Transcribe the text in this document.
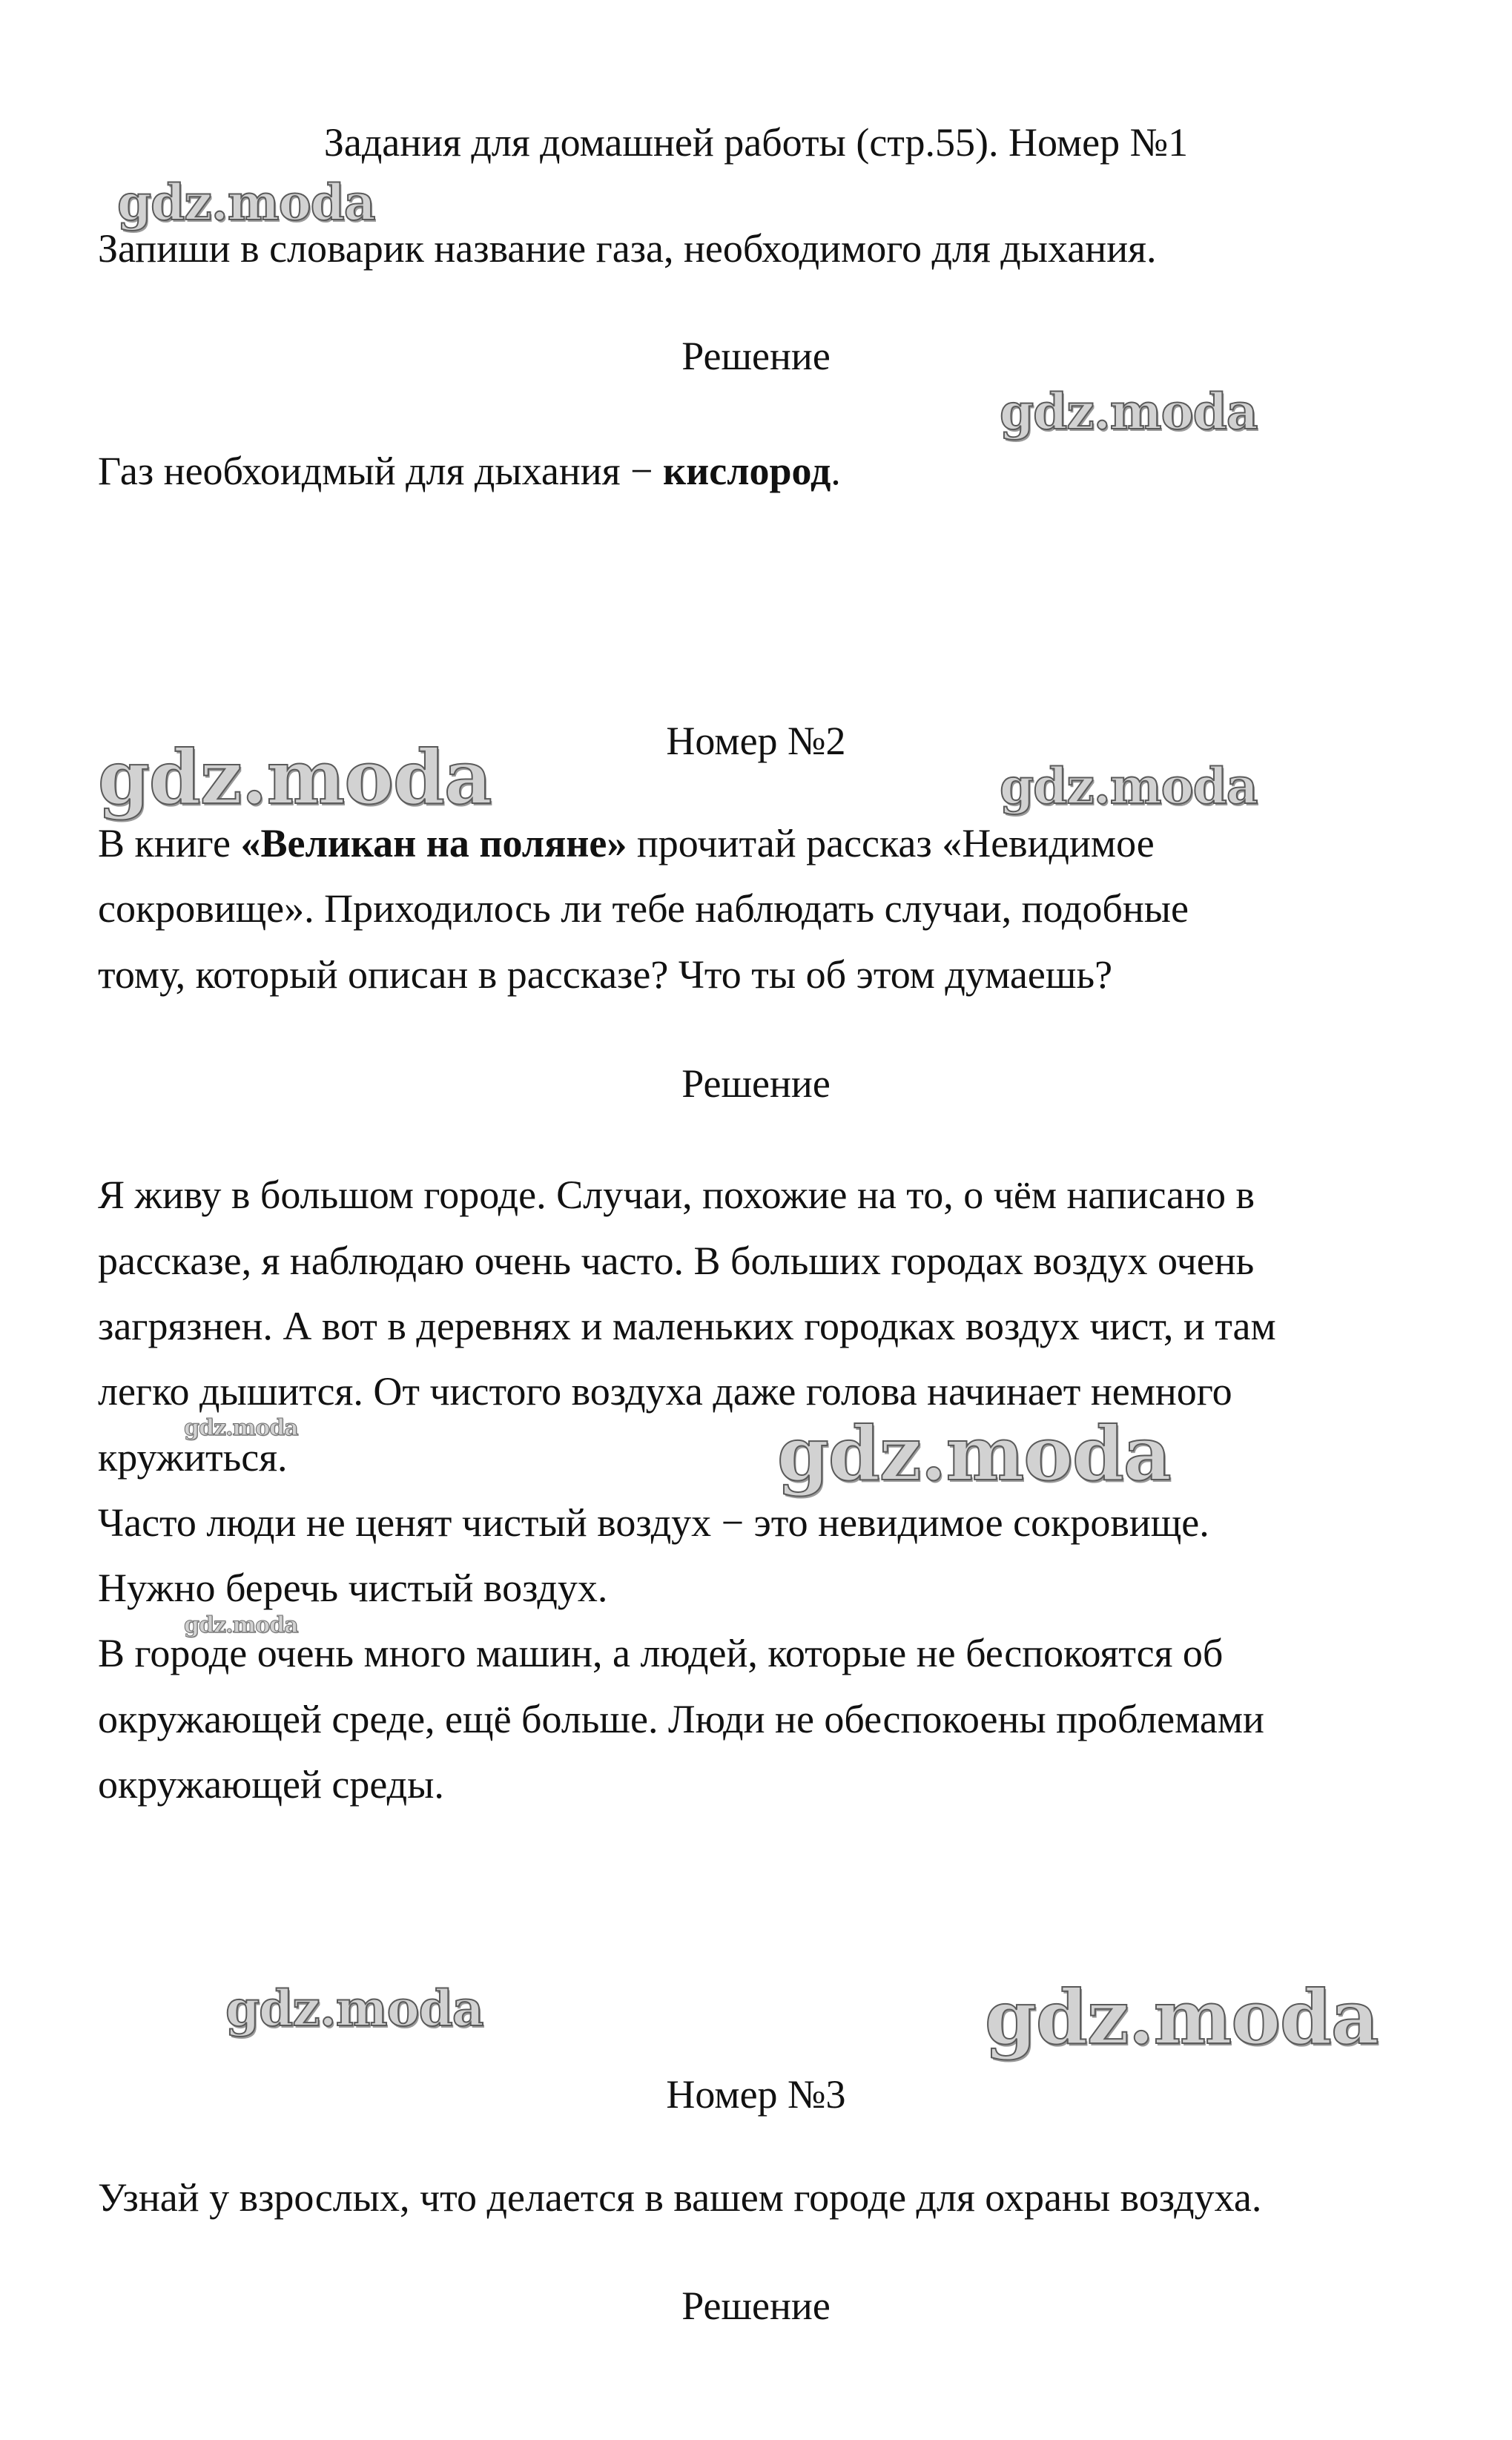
Задания для домашней работы (стр.55). Номер №1

Запиши в словарик название газа, необходимого для дыхания.

Решение

Газ необхоидмый для дыхания − кислород.

Номер №2

В книге «Великан на поляне» прочитай рассказ «Невидимое

сокровище». Приходилось ли тебе наблюдать случаи, подобные

тому, который описан в рассказе? Что ты об этом думаешь?

Решение

Я живу в большом городе. Случаи, похожие на то, о чём написано в

рассказе, я наблюдаю очень часто. В больших городах воздух очень

загрязнен. А вот в деревнях и маленьких городках воздух чист, и там

легко дышится. От чистого воздуха даже голова начинает немного

кружиться.

Часто люди не ценят чистый воздух − это невидимое сокровище.

Нужно беречь чистый воздух.

В городе очень много машин, а людей, которые не беспокоятся об

окружающей среде, ещё больше. Люди не обеспокоены проблемами

окружающей среды.

Номер №3

Узнай у взрослых, что делается в вашем городе для охраны воздуха.

Решение

gdz.moda
gdz.moda
gdz.moda	gdz.moda
gdz.moda	gdz.moda
gdz.moda
gdz.moda	gdz.moda
